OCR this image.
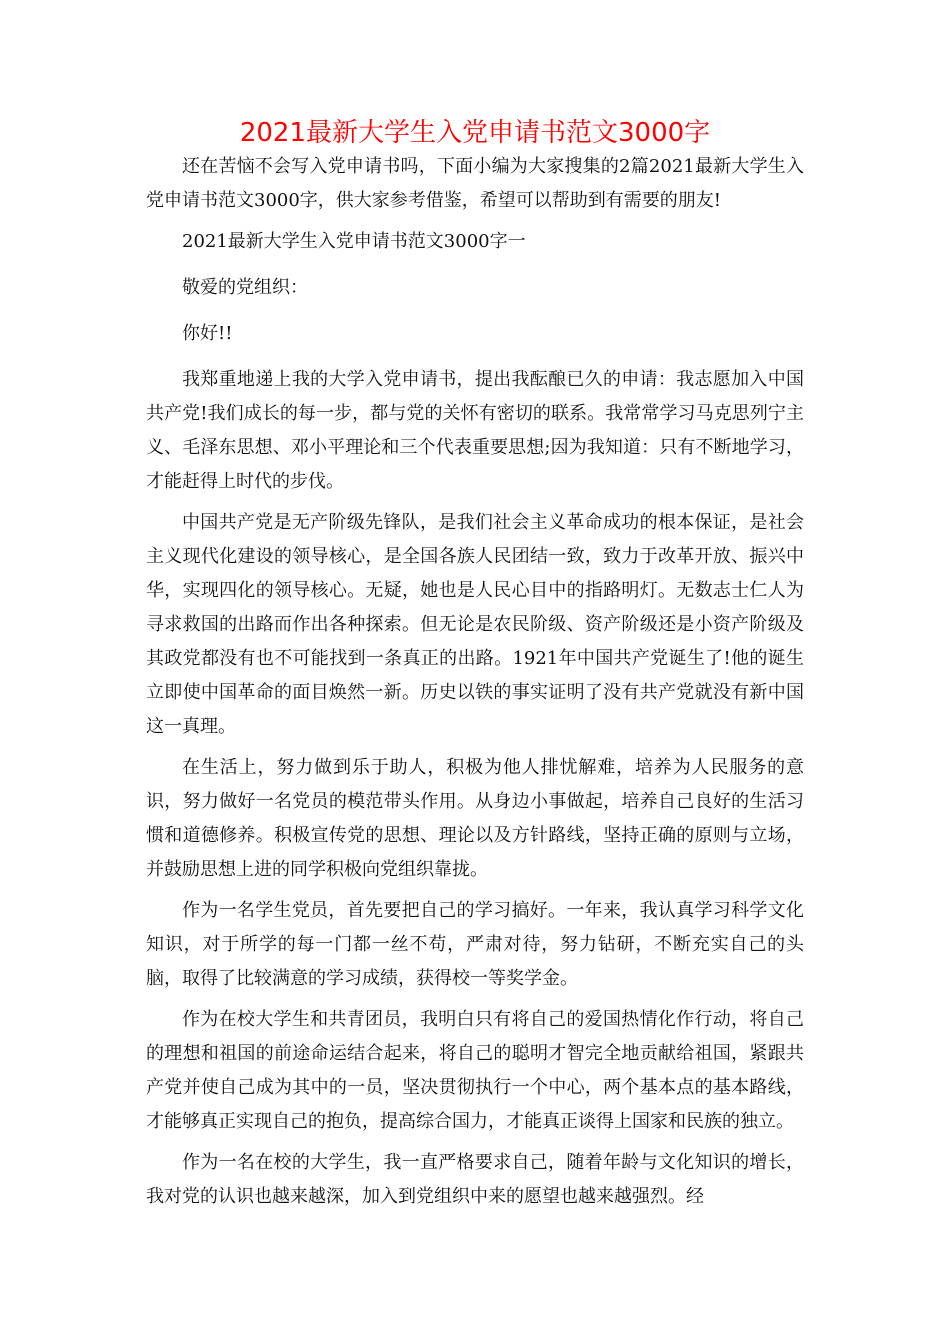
2021最新大学生入党申请书范文3000字

还在苦恼不会写入党申请书吗，下面小编为大家搜集的2篇2021最新大学生入党申请书范文3000字，供大家参考借鉴，希望可以帮助到有需要的朋友!

2021最新大学生入党申请书范文3000字一

敬爱的党组织：

你好!!

我郑重地递上我的大学入党申请书，提出我酝酿已久的申请：我志愿加入中国共产党!我们成长的每一步，都与党的关怀有密切的联系。我常常学习马克思列宁主义、毛泽东思想、邓小平理论和三个代表重要思想;因为我知道：只有不断地学习，才能赶得上时代的步伐。

中国共产党是无产阶级先锋队，是我们社会主义革命成功的根本保证，是社会主义现代化建设的领导核心，是全国各族人民团结一致，致力于改革开放、振兴中华，实现四化的领导核心。无疑，她也是人民心目中的指路明灯。无数志士仁人为寻求救国的出路而作出各种探索。但无论是农民阶级、资产阶级还是小资产阶级及其政党都没有也不可能找到一条真正的出路。1921年中国共产党诞生了!他的诞生立即使中国革命的面目焕然一新。历史以铁的事实证明了没有共产党就没有新中国这一真理。

在生活上，努力做到乐于助人，积极为他人排忧解难，培养为人民服务的意识，努力做好一名党员的模范带头作用。从身边小事做起，培养自己良好的生活习惯和道德修养。积极宣传党的思想、理论以及方针路线，坚持正确的原则与立场，并鼓励思想上进的同学积极向党组织靠拢。

作为一名学生党员，首先要把自己的学习搞好。一年来，我认真学习科学文化知识，对于所学的每一门都一丝不苟，严肃对待，努力钻研，不断充实自己的头脑，取得了比较满意的学习成绩，获得校一等奖学金。

作为在校大学生和共青团员，我明白只有将自己的爱国热情化作行动，将自己的理想和祖国的前途命运结合起来，将自己的聪明才智完全地贡献给祖国，紧跟共产党并使自己成为其中的一员，坚决贯彻执行一个中心，两个基本点的基本路线，才能够真正实现自己的抱负，提高综合国力，才能真正谈得上国家和民族的独立。

作为一名在校的大学生，我一直严格要求自己，随着年龄与文化知识的增长，我对党的认识也越来越深，加入到党组织中来的愿望也越来越强烈。经
